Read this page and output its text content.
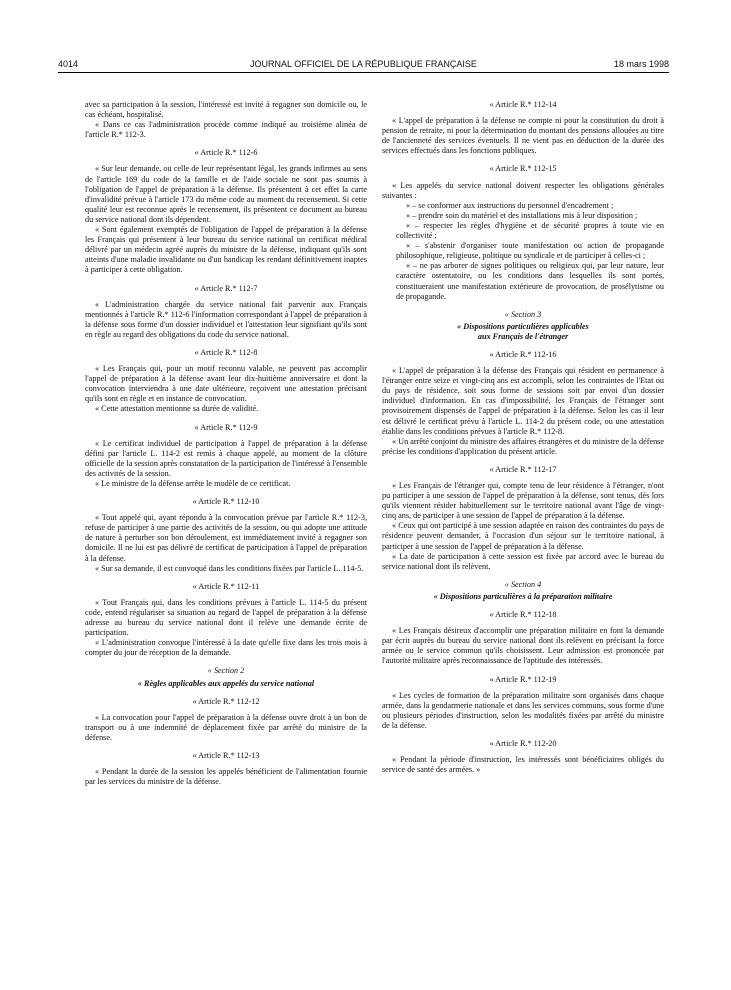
4014	JOURNAL OFFICIEL DE LA RÉPUBLIQUE FRANÇAISE	18 mars 1998

avec sa participation à la session, l'intéressé est invité à regagner son domicile ou, le cas échéant, hospitalisé.

« Dans ce cas l'administration procède comme indiqué au troisième alinéa de l'article R.* 112-3.

« Article R.* 112-6

« Sur leur demande, ou celle de leur représentant légal, les grands infirmes au sens de l'article 169 du code de la famille et de l'aide sociale ne sont pas soumis à l'obligation de l'appel de préparation à la défense. Ils présentent à cet effet la carte d'invalidité prévue à l'article 173 du même code au moment du recensement. Si cette qualité leur est reconnue après le recensement, ils présentent ce document au bureau du service national dont ils dépendent.

« Sont également exemptés de l'obligation de l'appel de préparation à la défense les Français qui présentent à leur bureau du service national un certificat médical délivré par un médecin agréé auprès du ministre de la défense, indiquant qu'ils sont atteints d'une maladie invalidante ou d'un handicap les rendant définitivement inaptes à participer à cette obligation.

« Article R.* 112-7

« L'administration chargée du service national fait parvenir aux Français mentionnés à l'article R.* 112-6 l'information correspondant à l'appel de préparation à la défense sous forme d'un dossier individuel et l'attestation leur signifiant qu'ils sont en règle au regard des obligations du code du service national.

« Article R.* 112-8

« Les Français qui, pour un motif reconnu valable, ne peuvent pas accomplir l'appel de préparation à la défense avant leur dix-huitième anniversaire et dont la convocation interviendra à une date ultérieure, reçoivent une attestation précisant qu'ils sont en règle et en instance de convocation.

« Cette attestation mentionne sa durée de validité.

« Article R.* 112-9

« Le certificat individuel de participation à l'appel de préparation à la défense défini par l'article L. 114-2 est remis à chaque appelé, au moment de la clôture officielle de la session après constatation de la participation de l'intéressé à l'ensemble des activités de la session.

« Le ministre de la défense arrête le modèle de ce certificat.

« Article R.* 112-10

« Tout appelé qui, ayant répondu à la convocation prévue par l'article R.* 112-3, refuse de participer à une partie des activités de la session, ou qui adopte une attitude de nature à perturber son bon déroulement, est immédiatement invité à regagner son domicile. Il ne lui est pas délivré de certificat de participation à l'appel de préparation à la défense.

« Sur sa demande, il est convoqué dans les conditions fixées par l'article L. 114-5.

« Article R.* 112-11

« Tout Français qui, dans les conditions prévues à l'article L. 114-5 du présent code, entend régulariser sa situation au regard de l'appel de préparation à la défense adresse au bureau du service national dont il relève une demande écrite de participation.

« L'administration convoque l'intéressé à la date qu'elle fixe dans les trois mois à compter du jour de réception de la demande.

« Section 2
« Règles applicables aux appelés du service national
« Article R.* 112-12

« La convocation pour l'appel de préparation à la défense ouvre droit à un bon de transport ou à une indemnité de déplacement fixée par arrêté du ministre de la défense.

« Article R.* 112-13

« Pendant la durée de la session les appelés bénéficient de l'alimentation fournie par les services du ministre de la défense.

« Article R.* 112-14

« L'appel de préparation à la défense ne compte ni pour la constitution du droit à pension de retraite, ni pour la détermination du montant des pensions allouées au titre de l'ancienneté des services éventuels. Il ne vient pas en déduction de la durée des services effectués dans les fonctions publiques.

« Article R.* 112-15

« Les appelés du service national doivent respecter les obligations générales suivantes :

« – se conformer aux instructions du personnel d'encadrement ;

« – prendre soin du matériel et des installations mis à leur disposition ;

« – respecter les règles d'hygiène et de sécurité propres à toute vie en collectivité ;

« – s'abstenir d'organiser toute manifestation ou action de propagande philosophique, religieuse, politique ou syndicale et de participer à celles-ci ;

« – ne pas arborer de signes politiques ou religieux qui, par leur nature, leur caractère ostentatoire, ou les conditions dans lesquelles ils sont portés, constitueraient une manifestation extérieure de provocation, de prosélytisme ou de propagande.

« Section 3
« Dispositions particulières applicables
aux Français de l'étranger
« Article R.* 112-16

« L'appel de préparation à la défense des Français qui résident en permanence à l'étranger entre seize et vingt-cinq ans est accompli, selon les contraintes de l'Etat ou du pays de résidence, soit sous forme de sessions soit par envoi d'un dossier individuel d'information. En cas d'impossibilité, les Français de l'étranger sont provisoirement dispensés de l'appel de préparation à la défense. Selon les cas il leur est délivré le certificat prévu à l'article L. 114-2 du présent code, ou une attestation établie dans les conditions prévues à l'article R.* 112-8.

« Un arrêté conjoint du ministre des affaires étrangères et du ministre de la défense précise les conditions d'application du présent article.

« Article R.* 112-17

« Les Français de l'étranger qui, compte tenu de leur résidence à l'étranger, n'ont pu participer à une session de l'appel de préparation à la défense, sont tenus, dès lors qu'ils viennent résider habituellement sur le territoire national avant l'âge de vingt-cinq ans, de participer à une session de l'appel de préparation à la défense.

« Ceux qui ont participé à une session adaptée en raison des contraintes du pays de résidence peuvent demander, à l'occasion d'un séjour sur le territoire national, à participer à une session de l'appel de préparation à la défense.

« La date de participation à cette session est fixée par accord avec le bureau du service national dont ils relèvent.

« Section 4
« Dispositions particulières à la préparation militaire
« Article R.* 112-18

« Les Français désireux d'accomplir une préparation militaire en font la demande par écrit auprès du bureau du service national dont ils relèvent en précisant la force armée ou le service commun qu'ils choisissent. Leur admission est prononcée par l'autorité militaire après reconnaissance de l'aptitude des intéressés.

« Article R.* 112-19

« Les cycles de formation de la préparation militaire sont organisés dans chaque armée, dans la gendarmerie nationale et dans les services communs, sous forme d'une ou plusieurs périodes d'instruction, selon les modalités fixées par arrêté du ministre de la défense.

« Article R.* 112-20

« Pendant la période d'instruction, les intéressés sont bénéficiaires obligés du service de santé des armées. »
